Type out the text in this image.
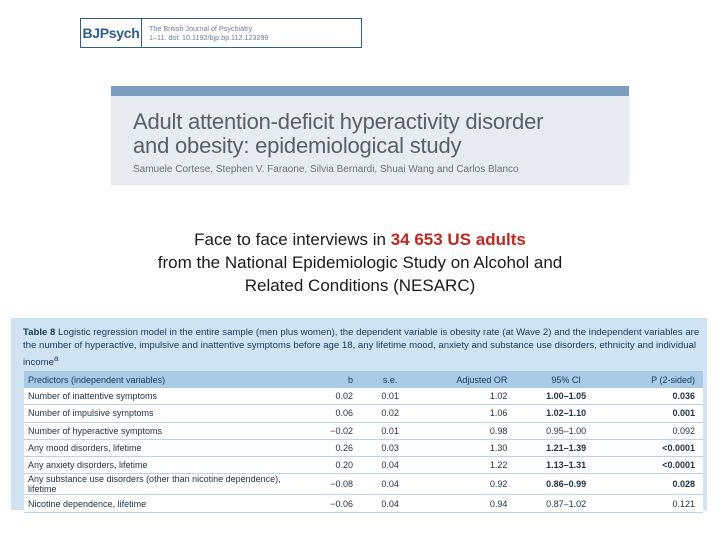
BJPsych	The British Journal of Psychiatry
1–11. doi: 10.1192/bjp.bp.112.123299
Adult attention-deficit hyperactivity disorder
and obesity: epidemiological study
Samuele Cortese, Stephen V. Faraone, Silvia Bernardi, Shuai Wang and Carlos Blanco
Face to face interviews in 34 653 US adults
from the National Epidemiologic Study on Alcohol and
Related Conditions (NESARC)
Table 8 Logistic regression model in the entire sample (men plus women), the dependent variable is obesity rate (at Wave 2) and the independent variables are the number of hyperactive, impulsive and inattentive symptoms before age 18, any lifetime mood, anxiety and substance use disorders, ethnicity and individual income$^a$
Predictors (independent variables)	b	s.e.	Adjusted OR	95% CI	P (2-sided)
Number of inattentive symptoms	0.02	0.01	1.02	1.00–1.05	0.036
Number of impulsive symptoms	0.06	0.02	1.06	1.02–1.10	0.001
Number of hyperactive symptoms	−0.02	0.01	0.98	0.95–1.00	0.092
Any mood disorders, lifetime	0.26	0.03	1.30	1.21–1.39	<0.0001
Any anxiety disorders, lifetime	0.20	0.04	1.22	1.13–1.31	<0.0001
Any substance use disorders (other than nicotine dependence), lifetime	−0.08	0.04	0.92	0.86–0.99	0.028
Nicotine dependence, lifetime	−0.06	0.04	0.94	0.87–1.02	0.121
